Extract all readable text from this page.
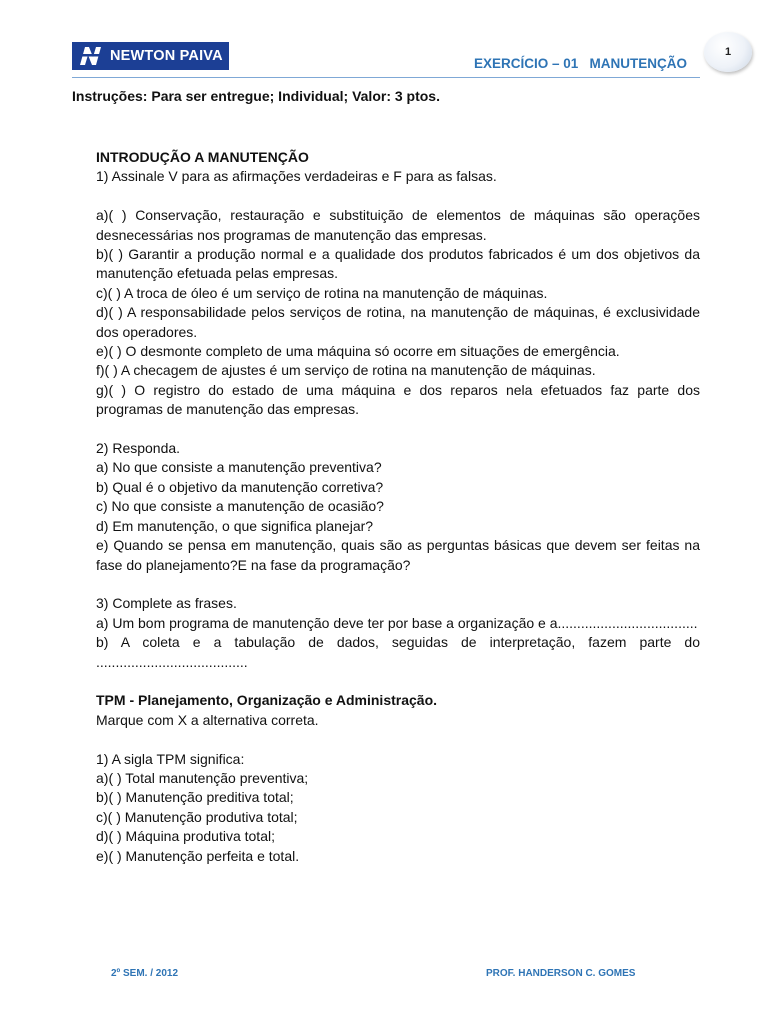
NEWTON PAIVA	EXERCÍCIO – 01   MANUTENÇÃO
1
Instruções: Para ser entregue; Individual; Valor: 3 ptos.

INTRODUÇÃO A MANUTENÇÃO

1) Assinale V para as afirmações verdadeiras e F para as falsas.

a)( ) Conservação, restauração e substituição de elementos de máquinas são operações desnecessárias nos programas de manutenção das empresas.

b)( ) Garantir a produção normal e a qualidade dos produtos fabricados é um dos objetivos da manutenção efetuada pelas empresas.

c)( ) A troca de óleo é um serviço de rotina na manutenção de máquinas.

d)( ) A responsabilidade pelos serviços de rotina, na manutenção de máquinas, é exclusividade dos operadores.

e)( ) O desmonte completo de uma máquina só ocorre em situações de emergência.

f)( ) A checagem de ajustes é um serviço de rotina na manutenção de máquinas.

g)( ) O registro do estado de uma máquina e dos reparos nela efetuados faz parte dos programas de manutenção das empresas.

2) Responda.

a) No que consiste a manutenção preventiva?

b) Qual é o objetivo da manutenção corretiva?

c) No que consiste a manutenção de ocasião?

d) Em manutenção, o que significa planejar?

e) Quando se pensa em manutenção, quais são as perguntas básicas que devem ser feitas na fase do planejamento?E na fase da programação?

3) Complete as frases.

a) Um bom programa de manutenção deve ter por base a organização e a....................................

b) A coleta e a tabulação de dados, seguidas de interpretação, fazem parte do .......................................

TPM - Planejamento, Organização e Administração.

Marque com X a alternativa correta.

1) A sigla TPM significa:

a)( ) Total manutenção preventiva;

b)( ) Manutenção preditiva total;

c)( ) Manutenção produtiva total;

d)( ) Máquina produtiva total;

e)( ) Manutenção perfeita e total.

2º SEM. / 2012	PROF. HANDERSON C. GOMES
